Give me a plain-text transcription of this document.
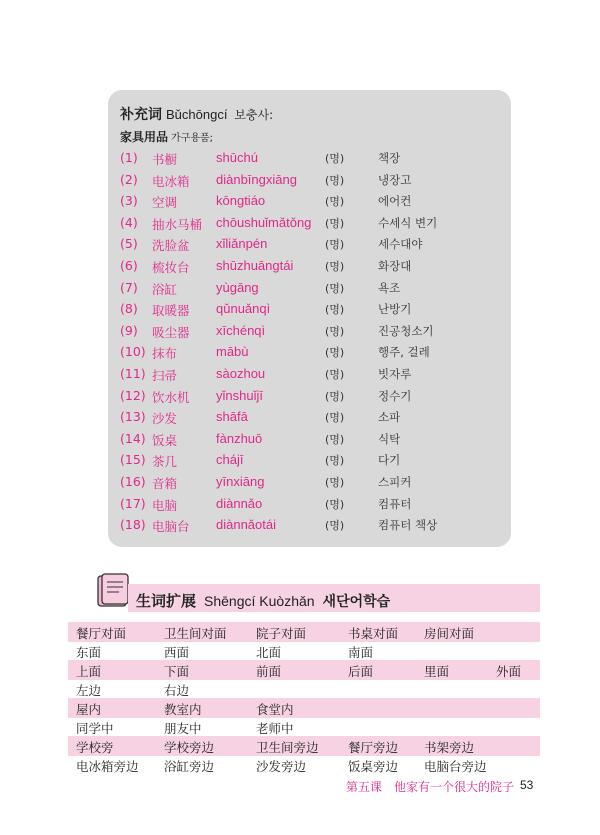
补充词 Bǔchōngcí 보충사:
家具用品 가구용품;
(1) 书橱	shūchú	(명)	책장
(2) 电冰箱 diànbīngxiāng	(명)	냉장고
(3) 空调	kōngtiáo	(명)	에어컨
(4) 抽水马桶 chōushuǐmǎtǒng (명)	수세식 변기
(5) 洗脸盆 xǐliǎnpén	(명)	세수대야
(6) 梳妆台 shūzhuāngtái	(명)	화장대
(7) 浴缸	yùgāng	(명)	욕조
(8) 取暖器 qǔnuǎnqì	(명)	난방기
(9) 吸尘器 xīchénqì	(명)	진공청소기
(10) 抹布	mābù	(명)	행주, 걸레
(11) 扫帚	sàozhou	(명)	빗자루
(12) 饮水机 yǐnshuǐjī	(명)	정수기
(13) 沙发	shāfā	(명)	소파
(14) 饭桌	fànzhuō	(명)	식탁
(15) 茶几	chájī	(명)	다기
(16) 音箱	yīnxiāng	(명)	스피커
(17) 电脑	diànnǎo	(명)	컴퓨터
(18) 电脑台 diànnǎotái	(명)	컴퓨터 책상
生词扩展 Shēngcí Kuòzhǎn 새단어학습
餐厅对面	卫生间对面 院子对面	书桌对面 房间对面
东面	西面	北面	南面
上面	下面	前面	后面	里面	外面
左边	右边
屋内	教室内	食堂内
同学中	朋友中	老师中
学校旁	学校旁边	卫生间旁边 餐厅旁边 书架旁边
电冰箱旁边 浴缸旁边	沙发旁边	饭桌旁边 电脑台旁边
第五课　他家有一个很大的院子 53
